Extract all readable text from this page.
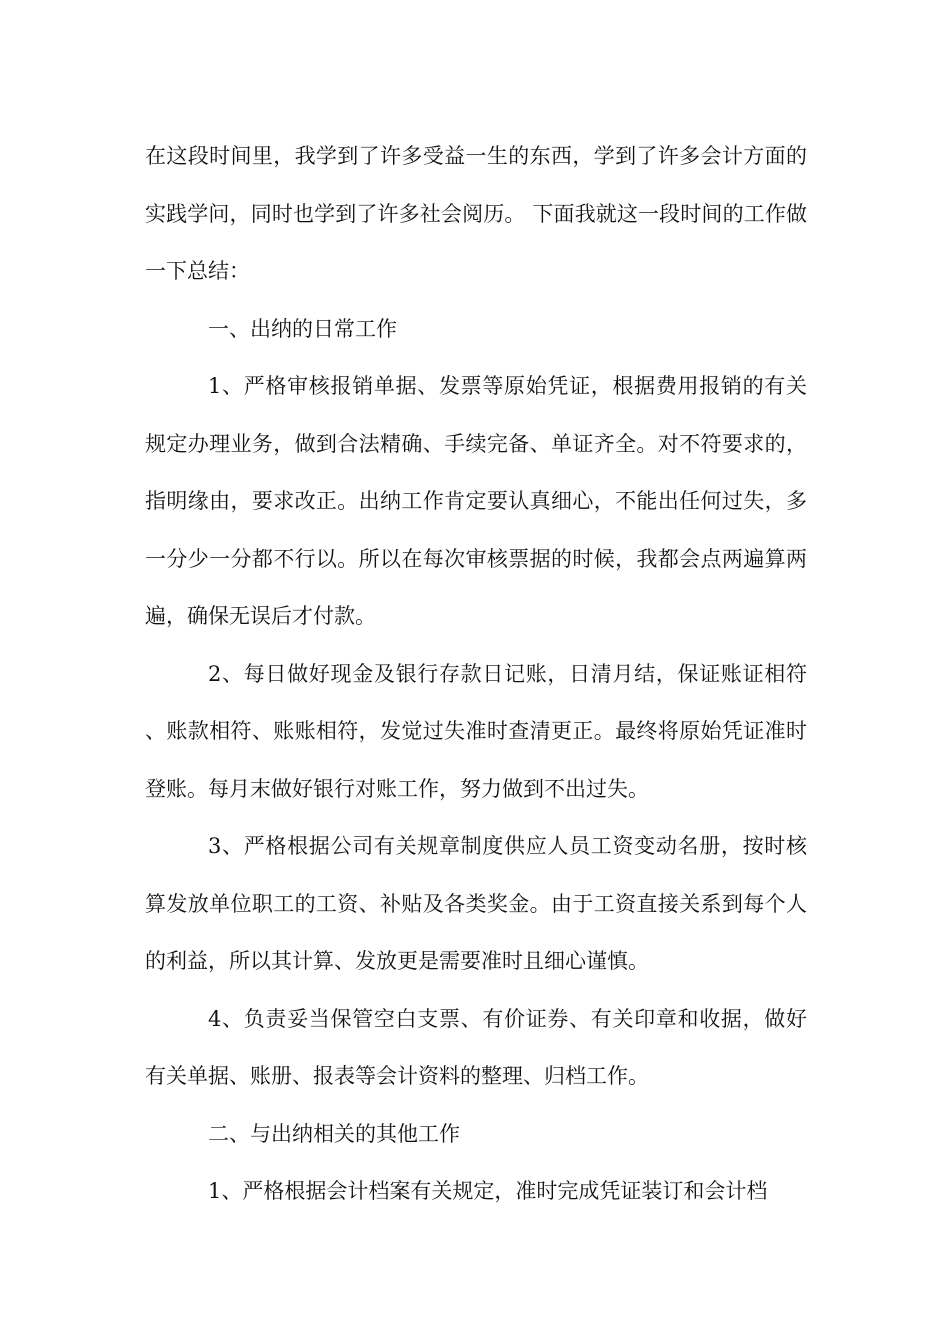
在这段时间里，我学到了许多受益一生的东西，学到了许多会计方面的实践学问，同时也学到了许多社会阅历。 下面我就这一段时间的工作做一下总结：

一、出纳的日常工作

1、严格审核报销单据、发票等原始凭证，根据费用报销的有关规定办理业务，做到合法精确、手续完备、单证齐全。对不符要求的，指明缘由，要求改正。出纳工作肯定要认真细心，不能出任何过失，多一分少一分都不行以。所以在每次审核票据的时候，我都会点两遍算两遍，确保无误后才付款。

2、每日做好现金及银行存款日记账，日清月结，保证账证相符、账款相符、账账相符，发觉过失准时查清更正。最终将原始凭证准时登账。每月末做好银行对账工作，努力做到不出过失。

3、严格根据公司有关规章制度供应人员工资变动名册，按时核算发放单位职工的工资、补贴及各类奖金。由于工资直接关系到每个人的利益，所以其计算、发放更是需要准时且细心谨慎。

4、负责妥当保管空白支票、有价证券、有关印章和收据，做好有关单据、账册、报表等会计资料的整理、归档工作。

二、与出纳相关的其他工作

1、严格根据会计档案有关规定，准时完成凭证装订和会计档
